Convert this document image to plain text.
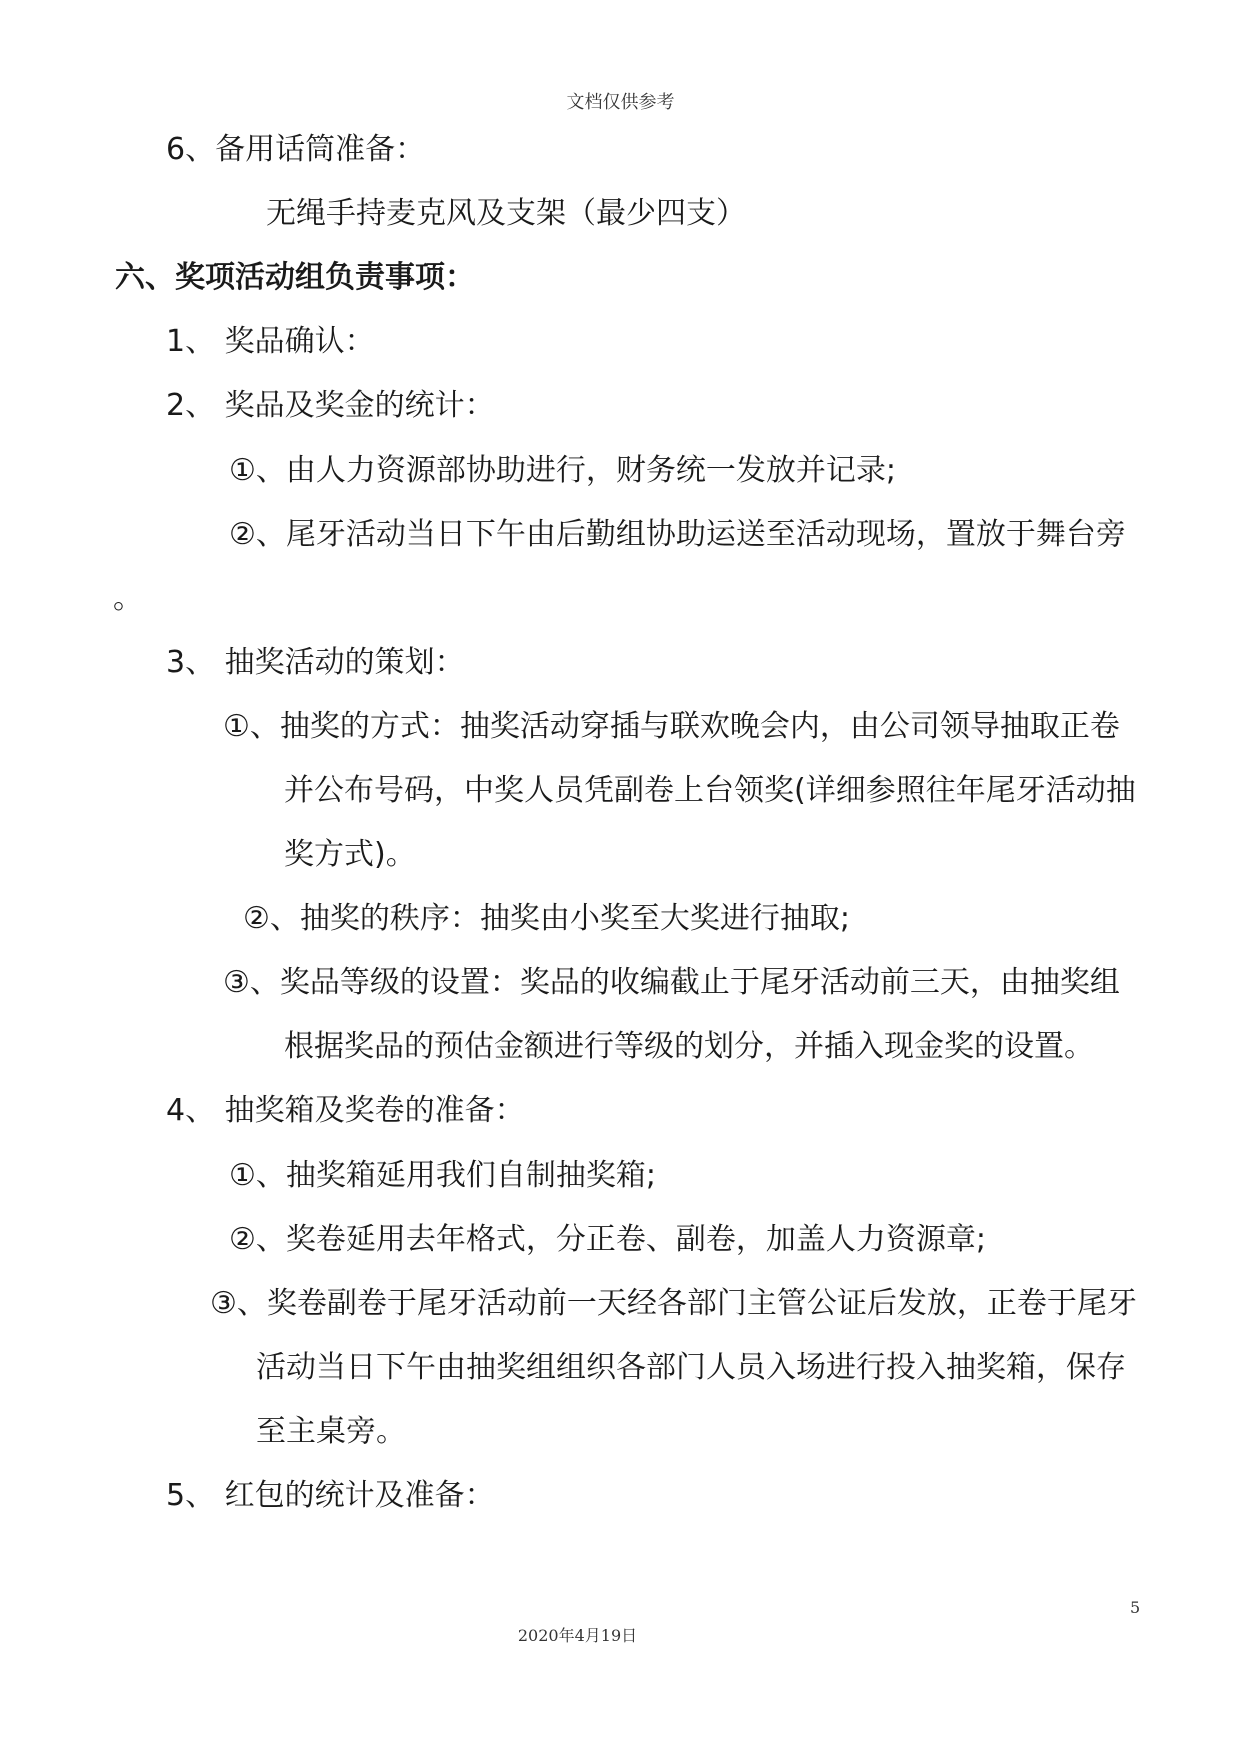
文档仅供参考
6、备用话筒准备：
无绳手持麦克风及支架（最少四支）
六、奖项活动组负责事项：
1、 奖品确认：
2、 奖品及奖金的统计：
①、由人力资源部协助进行，财务统一发放并记录;
②、尾牙活动当日下午由后勤组协助运送至活动现场，置放于舞台旁
。
3、 抽奖活动的策划：
①、抽奖的方式：抽奖活动穿插与联欢晚会内，由公司领导抽取正卷
并公布号码，中奖人员凭副卷上台领奖(详细参照往年尾牙活动抽
奖方式)。
②、抽奖的秩序：抽奖由小奖至大奖进行抽取;
③、奖品等级的设置：奖品的收编截止于尾牙活动前三天，由抽奖组
根据奖品的预估金额进行等级的划分，并插入现金奖的设置。
4、 抽奖箱及奖卷的准备：
①、抽奖箱延用我们自制抽奖箱;
②、奖卷延用去年格式，分正卷、副卷，加盖人力资源章;
③、奖卷副卷于尾牙活动前一天经各部门主管公证后发放，正卷于尾牙
活动当日下午由抽奖组组织各部门人员入场进行投入抽奖箱，保存
至主桌旁。
5、 红包的统计及准备：
5
2020年4月19日
